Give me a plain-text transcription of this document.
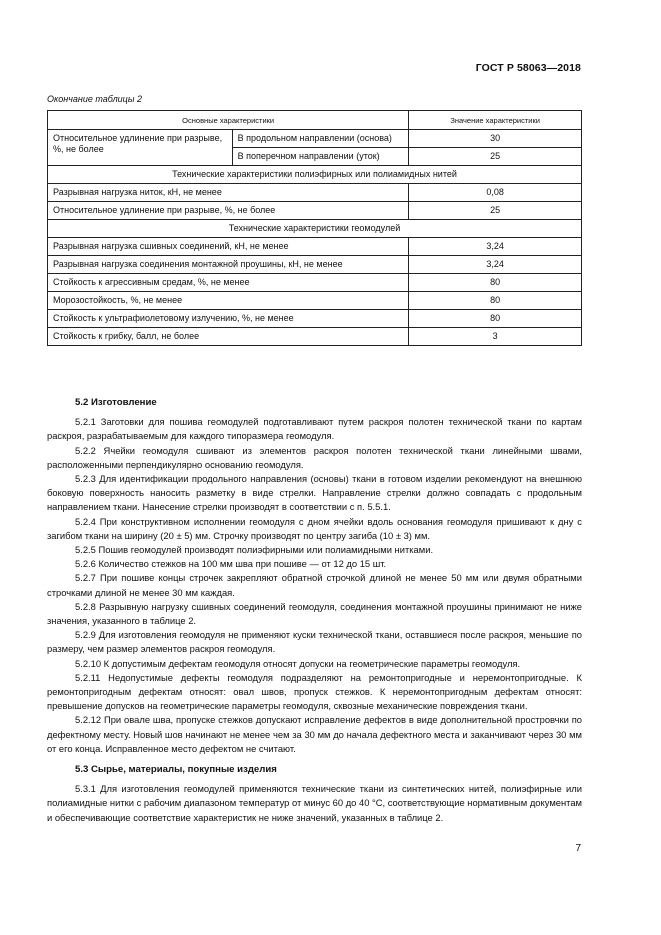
ГОСТ Р 58063—2018
Окончание таблицы 2
Основные характеристики		Значение характеристики
Относительное удлинение при разрыве, %, не более	В продольном направлении (основа)	30
	В поперечном направлении (уток)	25
Технические характеристики полиэфирных или полиамидных нитей		
Разрывная нагрузка ниток, кН, не менее		0,08
Относительное удлинение при разрыве, %, не более		25
Технические характеристики геомодулей		
Разрывная нагрузка сшивных соединений, кН, не менее		3,24
Разрывная нагрузка соединения монтажной проушины, кН, не менее		3,24
Стойкость к агрессивным средам, %, не менее		80
Морозостойкость, %, не менее		80
Стойкость к ультрафиолетовому излучению, %, не менее		80
Стойкость к грибку, балл, не более		3
5.2 Изготовление

5.2.1 Заготовки для пошива геомодулей подготавливают путем раскроя полотен технической ткани по картам раскроя, разрабатываемым для каждого типоразмера геомодуля.

5.2.2 Ячейки геомодуля сшивают из элементов раскроя полотен технической ткани линейными швами, расположенными перпендикулярно основанию геомодуля.

5.2.3 Для идентификации продольного направления (основы) ткани в готовом изделии рекомендуют на внешнюю боковую поверхность наносить разметку в виде стрелки. Направление стрелки должно совпадать с продольным направлением ткани. Нанесение стрелки производят в соответствии с п. 5.5.1.

5.2.4 При конструктивном исполнении геомодуля с дном ячейки вдоль основания геомодуля пришивают к дну с загибом ткани на ширину (20 ± 5) мм. Строчку производят по центру загиба (10 ± 3) мм.

5.2.5 Пошив геомодулей производят полиэфирными или полиамидными нитками.

5.2.6 Количество стежков на 100 мм шва при пошиве — от 12 до 15 шт.

5.2.7 При пошиве концы строчек закрепляют обратной строчкой длиной не менее 50 мм или двумя обратными строчками длиной не менее 30 мм каждая.

5.2.8 Разрывную нагрузку сшивных соединений геомодуля, соединения монтажной проушины принимают не ниже значения, указанного в таблице 2.

5.2.9 Для изготовления геомодуля не применяют куски технической ткани, оставшиеся после раскроя, меньшие по размеру, чем размер элементов раскроя геомодуля.

5.2.10 К допустимым дефектам геомодуля относят допуски на геометрические параметры геомодуля.

5.2.11 Недопустимые дефекты геомодуля подразделяют на ремонтопригодные и неремонтопригодные. К ремонтопригодным дефектам относят: овал швов, пропуск стежков. К неремонтопригодным дефектам относят: превышение допусков на геометрические параметры геомодуля, сквозные механические повреждения ткани.

5.2.12 При овале шва, пропуске стежков допускают исправление дефектов в виде дополнительной простровчки по дефектному месту. Новый шов начинают не менее чем за 30 мм до начала дефектного места и заканчивают через 30 мм от его конца. Исправленное место дефектом не считают.

5.3 Сырье, материалы, покупные изделия

5.3.1 Для изготовления геомодулей применяются технические ткани из синтетических нитей, полиэфирные или полиамидные нитки с рабочим диапазоном температур от минус 60 до 40 °С, соответствующие нормативным документам и обеспечивающие соответствие характеристик не ниже значений, указанных в таблице 2.

7
